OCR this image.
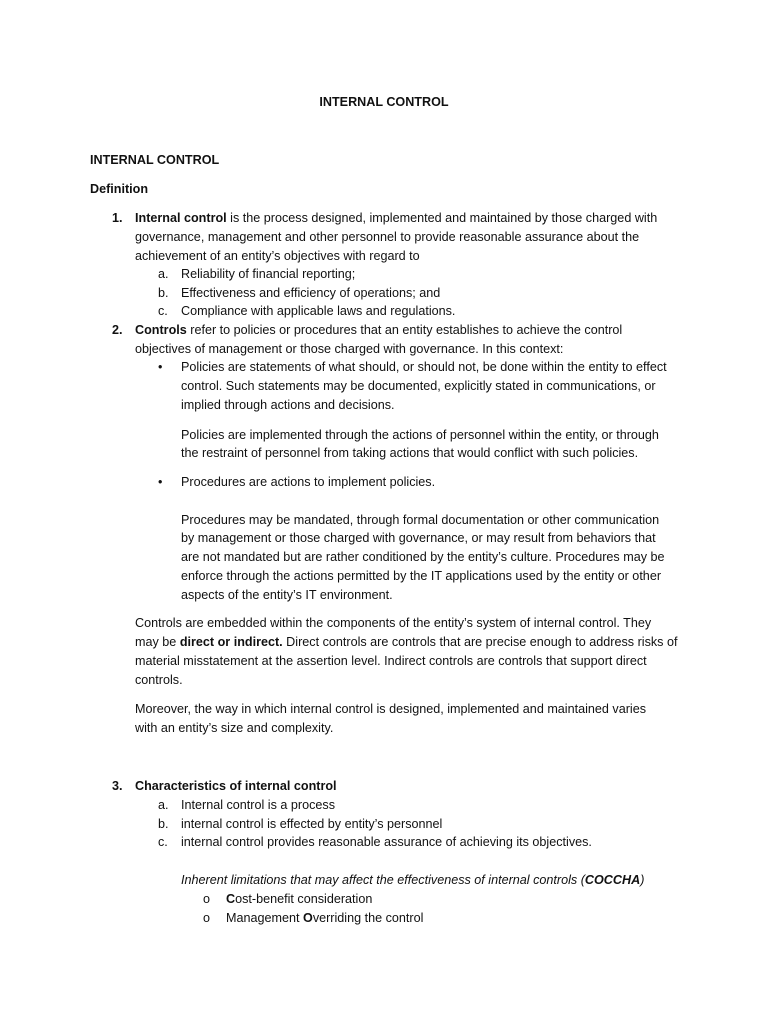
INTERNAL CONTROL
INTERNAL CONTROL
Definition
1. Internal control is the process designed, implemented and maintained by those charged with
governance, management and other personnel to provide reasonable assurance about the
achievement of an entity’s objectives with regard to
a. Reliability of financial reporting;
b. Effectiveness and efficiency of operations; and
c. Compliance with applicable laws and regulations.
2. Controls refer to policies or procedures that an entity establishes to achieve the control
objectives of management or those charged with governance. In this context:
• Policies are statements of what should, or should not, be done within the entity to effect
control. Such statements may be documented, explicitly stated in communications, or
implied through actions and decisions.
Policies are implemented through the actions of personnel within the entity, or through
the restraint of personnel from taking actions that would conflict with such policies.
• Procedures are actions to implement policies.
Procedures may be mandated, through formal documentation or other communication
by management or those charged with governance, or may result from behaviors that
are not mandated but are rather conditioned by the entity’s culture. Procedures may be
enforce through the actions permitted by the IT applications used by the entity or other
aspects of the entity’s IT environment.
Controls are embedded within the components of the entity’s system of internal control. They
may be direct or indirect. Direct controls are controls that are precise enough to address risks of
material misstatement at the assertion level. Indirect controls are controls that support direct
controls.
Moreover, the way in which internal control is designed, implemented and maintained varies
with an entity’s size and complexity.
3. Characteristics of internal control
a. Internal control is a process
b. internal control is effected by entity’s personnel
c. internal control provides reasonable assurance of achieving its objectives.
Inherent limitations that may affect the effectiveness of internal controls (COCCHA)
o Cost-benefit consideration
o Management Overriding the control
